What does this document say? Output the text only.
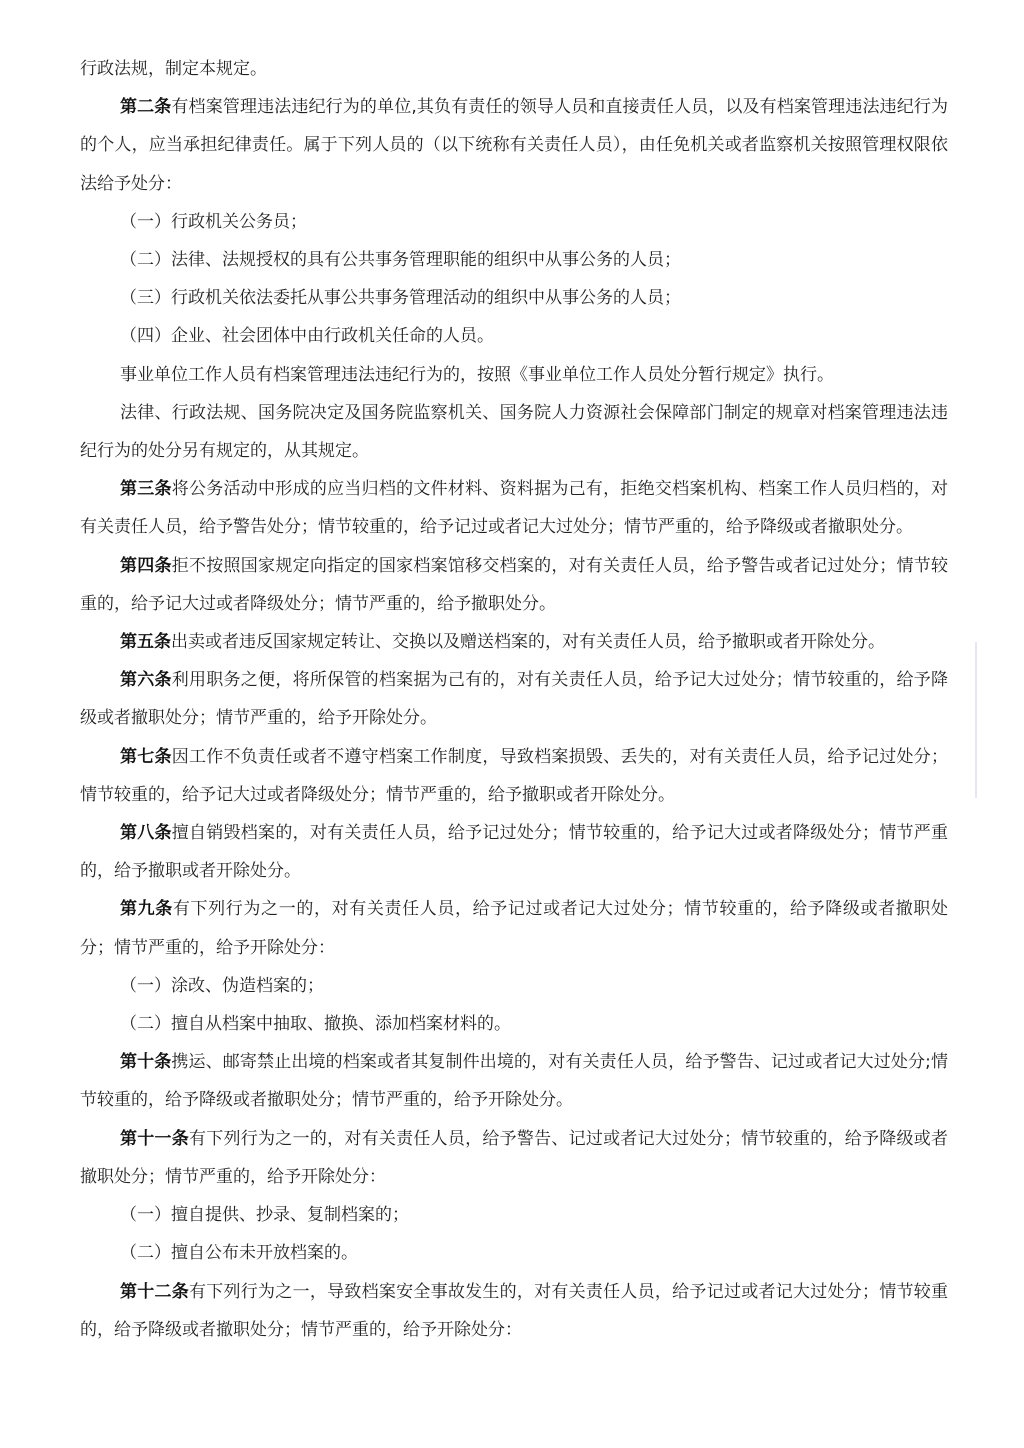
行政法规，制定本规定。

第二条有档案管理违法违纪行为的单位,其负有责任的领导人员和直接责任人员，以及有档案管理违法违纪行为的个人，应当承担纪律责任。属于下列人员的（以下统称有关责任人员），由任免机关或者监察机关按照管理权限依法给予处分：

（一）行政机关公务员；

（二）法律、法规授权的具有公共事务管理职能的组织中从事公务的人员；

（三）行政机关依法委托从事公共事务管理活动的组织中从事公务的人员；

（四）企业、社会团体中由行政机关任命的人员。

事业单位工作人员有档案管理违法违纪行为的，按照《事业单位工作人员处分暂行规定》执行。

法律、行政法规、国务院决定及国务院监察机关、国务院人力资源社会保障部门制定的规章对档案管理违法违纪行为的处分另有规定的，从其规定。

第三条将公务活动中形成的应当归档的文件材料、资料据为己有，拒绝交档案机构、档案工作人员归档的，对有关责任人员，给予警告处分；情节较重的，给予记过或者记大过处分；情节严重的，给予降级或者撤职处分。

第四条拒不按照国家规定向指定的国家档案馆移交档案的，对有关责任人员，给予警告或者记过处分；情节较重的，给予记大过或者降级处分；情节严重的，给予撤职处分。

第五条出卖或者违反国家规定转让、交换以及赠送档案的，对有关责任人员，给予撤职或者开除处分。

第六条利用职务之便，将所保管的档案据为己有的，对有关责任人员，给予记大过处分；情节较重的，给予降级或者撤职处分；情节严重的，给予开除处分。

第七条因工作不负责任或者不遵守档案工作制度，导致档案损毁、丢失的，对有关责任人员，给予记过处分；情节较重的，给予记大过或者降级处分；情节严重的，给予撤职或者开除处分。

第八条擅自销毁档案的，对有关责任人员，给予记过处分；情节较重的，给予记大过或者降级处分；情节严重的，给予撤职或者开除处分。

第九条有下列行为之一的，对有关责任人员，给予记过或者记大过处分；情节较重的，给予降级或者撤职处分；情节严重的，给予开除处分：

（一）涂改、伪造档案的；

（二）擅自从档案中抽取、撤换、添加档案材料的。

第十条携运、邮寄禁止出境的档案或者其复制件出境的，对有关责任人员，给予警告、记过或者记大过处分;情节较重的，给予降级或者撤职处分；情节严重的，给予开除处分。

第十一条有下列行为之一的，对有关责任人员，给予警告、记过或者记大过处分；情节较重的，给予降级或者撤职处分；情节严重的，给予开除处分：

（一）擅自提供、抄录、复制档案的；

（二）擅自公布未开放档案的。

第十二条有下列行为之一，导致档案安全事故发生的，对有关责任人员，给予记过或者记大过处分；情节较重的，给予降级或者撤职处分；情节严重的，给予开除处分：
